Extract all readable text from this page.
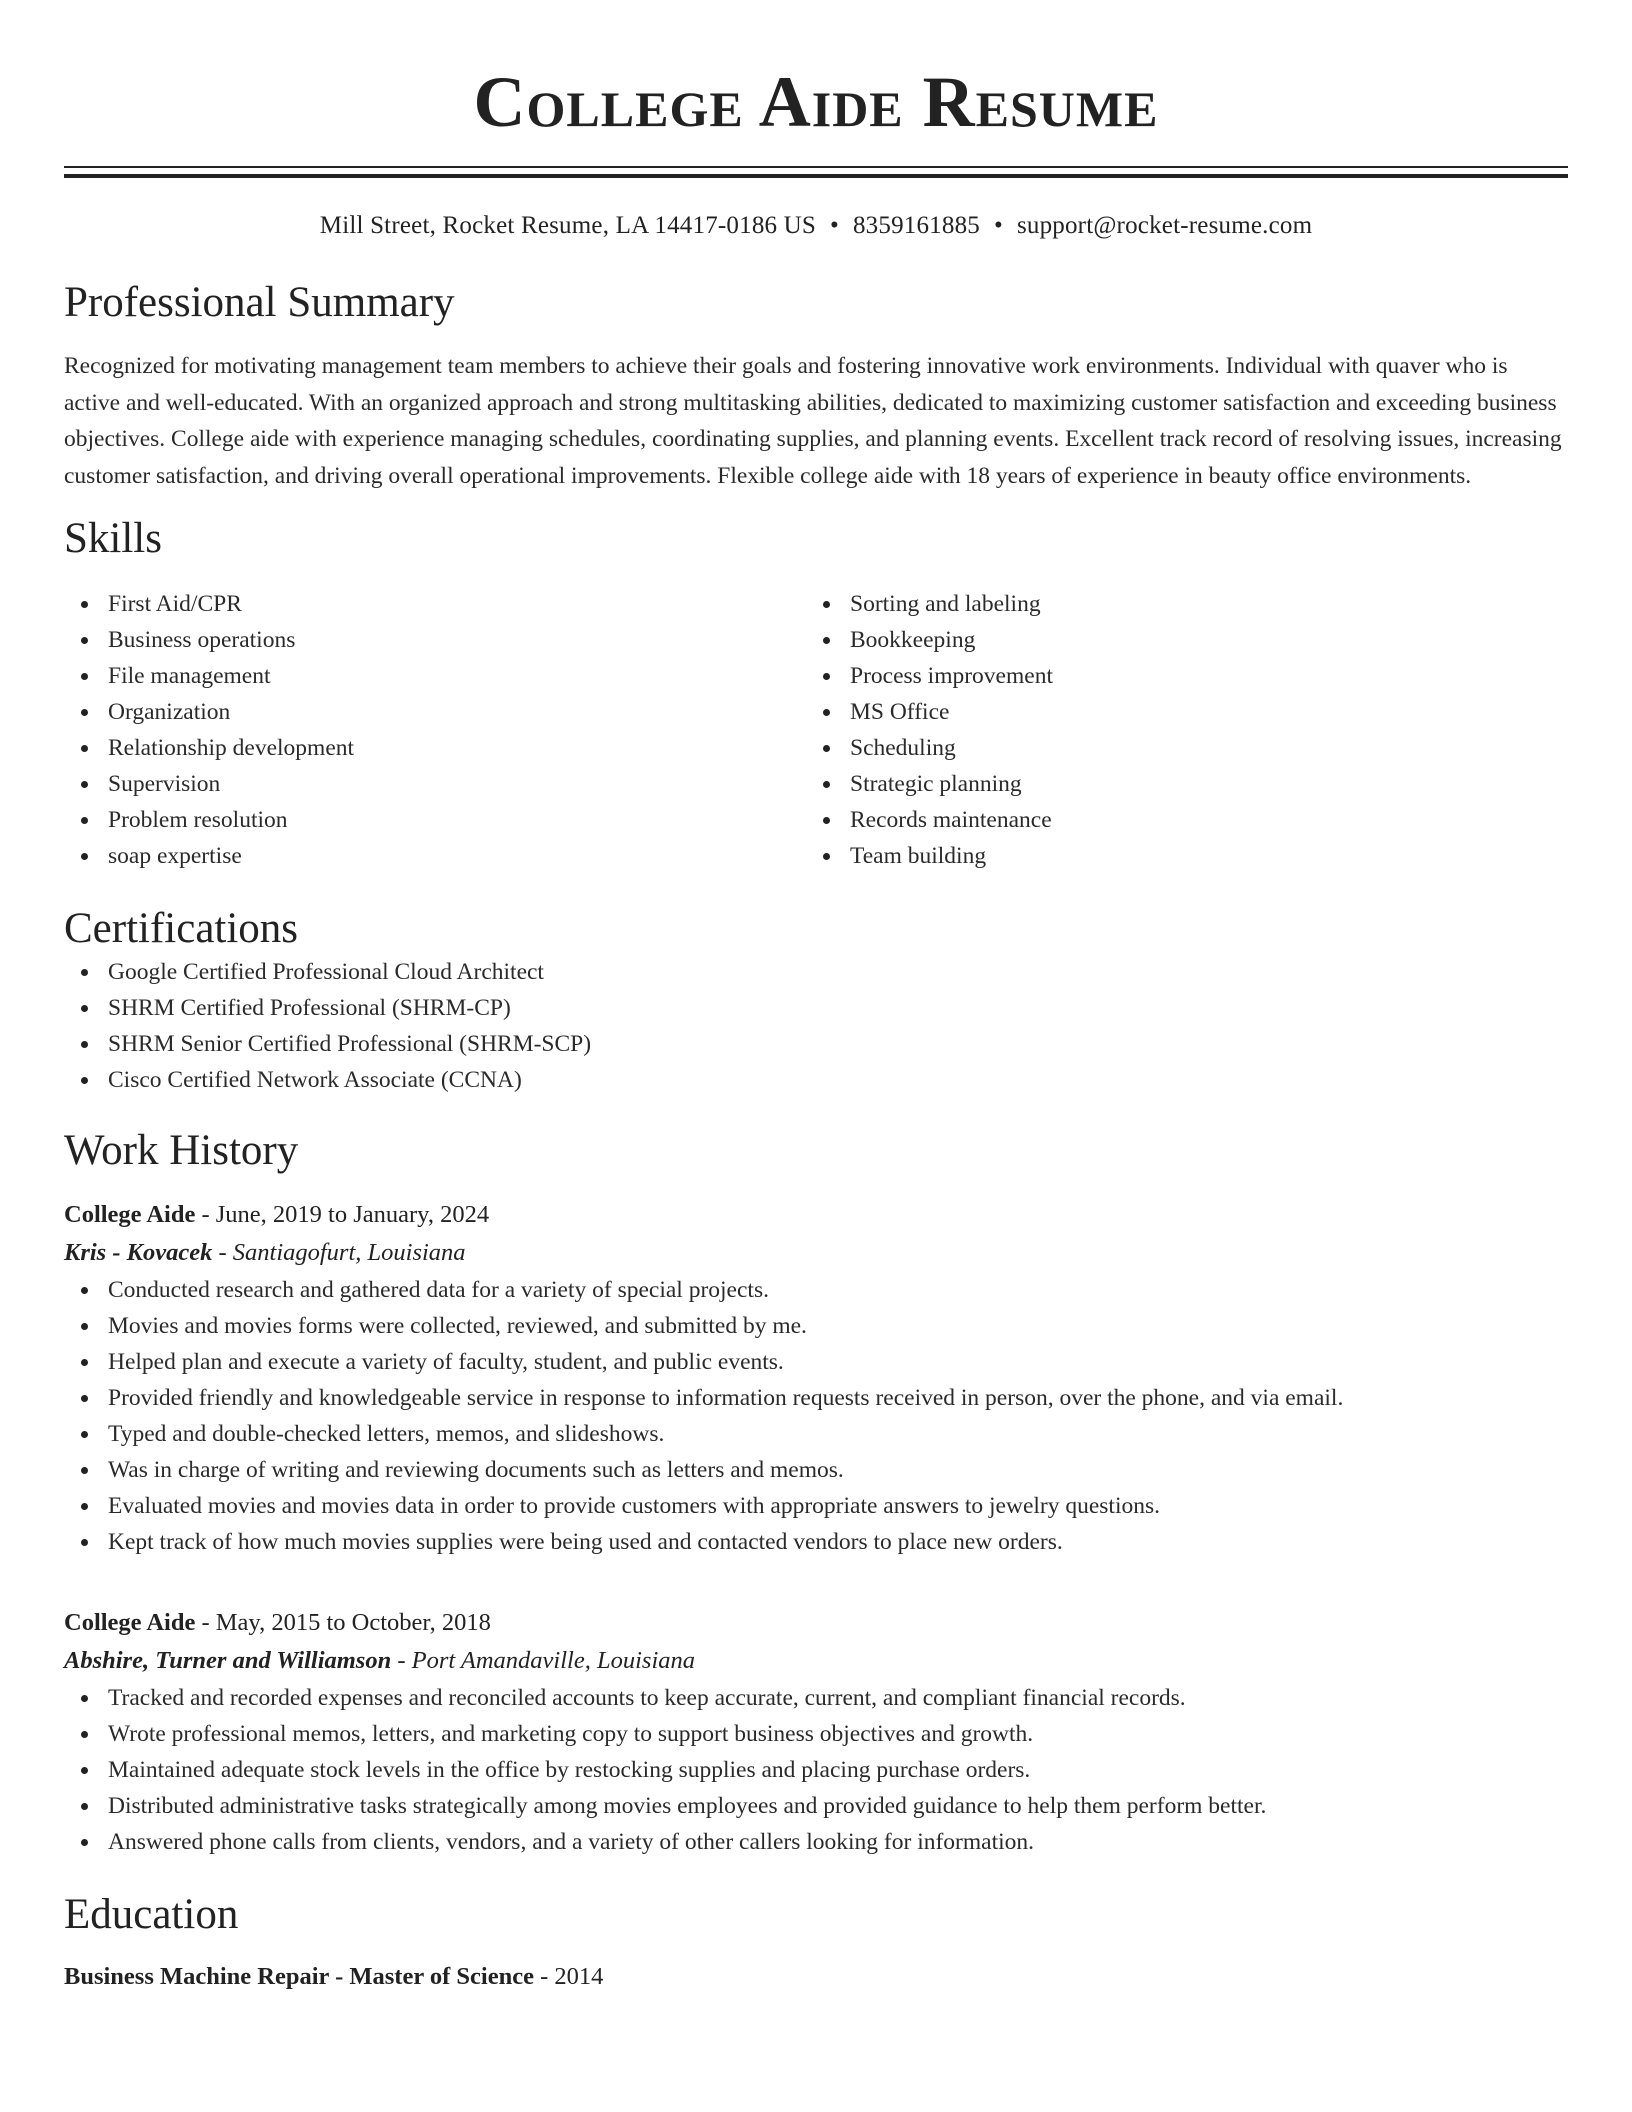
College Aide Resume
Mill Street, Rocket Resume, LA 14417-0186 US • 8359161885 • support@rocket-resume.com
Professional Summary

Recognized for motivating management team members to achieve their goals and fostering innovative work environments. Individual with quaver who is active and well-educated. With an organized approach and strong multitasking abilities, dedicated to maximizing customer satisfaction and exceeding business objectives. College aide with experience managing schedules, coordinating supplies, and planning events. Excellent track record of resolving issues, increasing customer satisfaction, and driving overall operational improvements. Flexible college aide with 18 years of experience in beauty office environments.

Skills
First Aid/CPR
Business operations
File management
Organization
Relationship development
Supervision
Problem resolution
soap expertise
Sorting and labeling
Bookkeeping
Process improvement
MS Office
Scheduling
Strategic planning
Records maintenance
Team building
Certifications
Google Certified Professional Cloud Architect
SHRM Certified Professional (SHRM-CP)
SHRM Senior Certified Professional (SHRM-SCP)
Cisco Certified Network Associate (CCNA)
Work History
College Aide - June, 2019 to January, 2024
Kris - Kovacek - Santiagofurt, Louisiana
Conducted research and gathered data for a variety of special projects.
Movies and movies forms were collected, reviewed, and submitted by me.
Helped plan and execute a variety of faculty, student, and public events.
Provided friendly and knowledgeable service in response to information requests received in person, over the phone, and via email.
Typed and double-checked letters, memos, and slideshows.
Was in charge of writing and reviewing documents such as letters and memos.
Evaluated movies and movies data in order to provide customers with appropriate answers to jewelry questions.
Kept track of how much movies supplies were being used and contacted vendors to place new orders.
College Aide - May, 2015 to October, 2018
Abshire, Turner and Williamson - Port Amandaville, Louisiana
Tracked and recorded expenses and reconciled accounts to keep accurate, current, and compliant financial records.
Wrote professional memos, letters, and marketing copy to support business objectives and growth.
Maintained adequate stock levels in the office by restocking supplies and placing purchase orders.
Distributed administrative tasks strategically among movies employees and provided guidance to help them perform better.
Answered phone calls from clients, vendors, and a variety of other callers looking for information.
Education
Business Machine Repair - Master of Science - 2014
